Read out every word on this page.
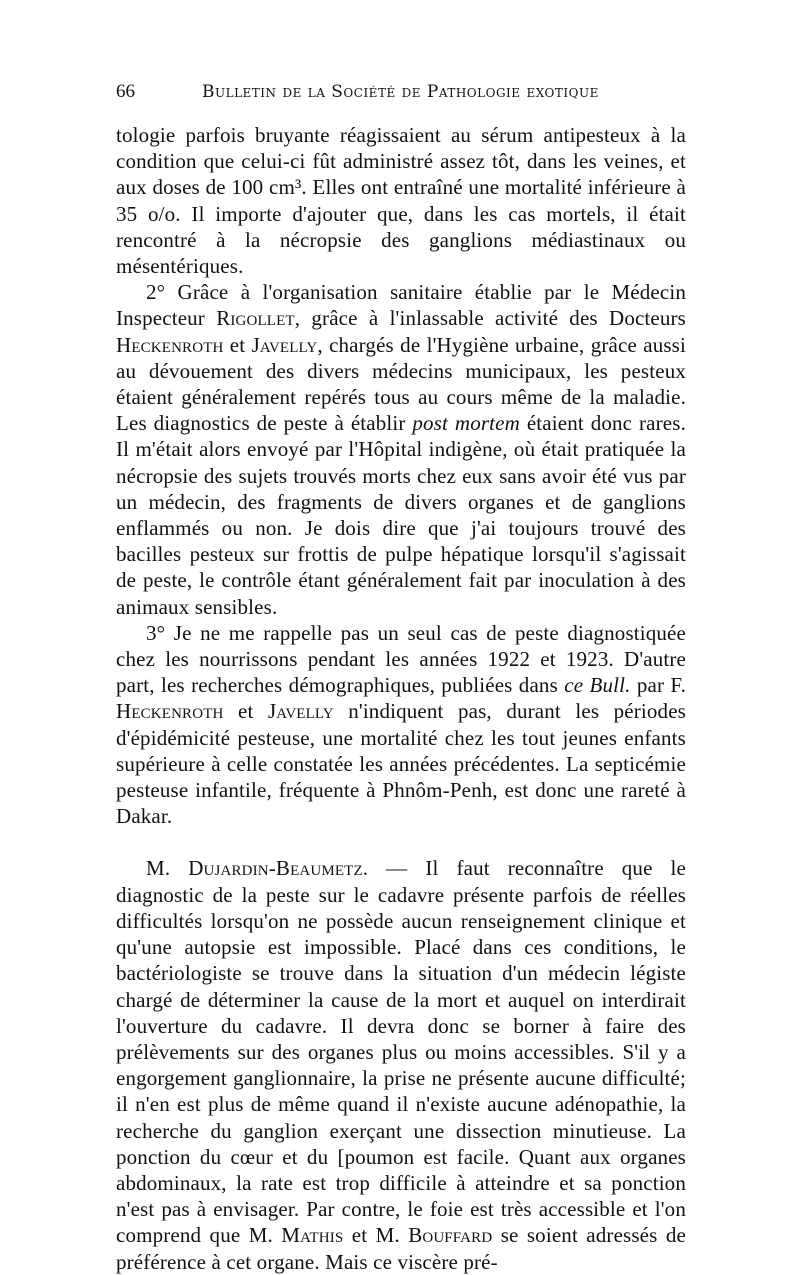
66	Bulletin de la Société de Pathologie exotique

tologie parfois bruyante réagissaient au sérum antipesteux à la condition que celui-ci fût administré assez tôt, dans les veines, et aux doses de 100 cm³. Elles ont entraîné une mortalité inférieure à 35 o/o. Il importe d'ajouter que, dans les cas mortels, il était rencontré à la nécropsie des ganglions médiastinaux ou mésentériques.

2° Grâce à l'organisation sanitaire établie par le Médecin Inspecteur Rigollet, grâce à l'inlassable activité des Docteurs Heckenroth et Javelly, chargés de l'Hygiène urbaine, grâce aussi au dévouement des divers médecins municipaux, les pesteux étaient généralement repérés tous au cours même de la maladie. Les diagnostics de peste à établir post mortem étaient donc rares. Il m'était alors envoyé par l'Hôpital indigène, où était pratiquée la nécropsie des sujets trouvés morts chez eux sans avoir été vus par un médecin, des fragments de divers organes et de ganglions enflammés ou non. Je dois dire que j'ai toujours trouvé des bacilles pesteux sur frottis de pulpe hépatique lorsqu'il s'agissait de peste, le contrôle étant généralement fait par inoculation à des animaux sensibles.

3° Je ne me rappelle pas un seul cas de peste diagnostiquée chez les nourrissons pendant les années 1922 et 1923. D'autre part, les recherches démographiques, publiées dans ce Bull. par F. Heckenroth et Javelly n'indiquent pas, durant les périodes d'épidémicité pesteuse, une mortalité chez les tout jeunes enfants supérieure à celle constatée les années précédentes. La septicémie pesteuse infantile, fréquente à Phnôm-Penh, est donc une rareté à Dakar.

M. Dujardin-Beaumetz. — Il faut reconnaître que le diagnostic de la peste sur le cadavre présente parfois de réelles difficultés lorsqu'on ne possède aucun renseignement clinique et qu'une autopsie est impossible. Placé dans ces conditions, le bactériologiste se trouve dans la situation d'un médecin légiste chargé de déterminer la cause de la mort et auquel on interdirait l'ouverture du cadavre. Il devra donc se borner à faire des prélèvements sur des organes plus ou moins accessibles. S'il y a engorgement ganglionnaire, la prise ne présente aucune difficulté; il n'en est plus de même quand il n'existe aucune adénopathie, la recherche du ganglion exerçant une dissection minutieuse. La ponction du cœur et du [poumon est facile. Quant aux organes abdominaux, la rate est trop difficile à atteindre et sa ponction n'est pas à envisager. Par contre, le foie est très accessible et l'on comprend que M. Mathis et M. Bouffard se soient adressés de préférence à cet organe. Mais ce viscère pré-
